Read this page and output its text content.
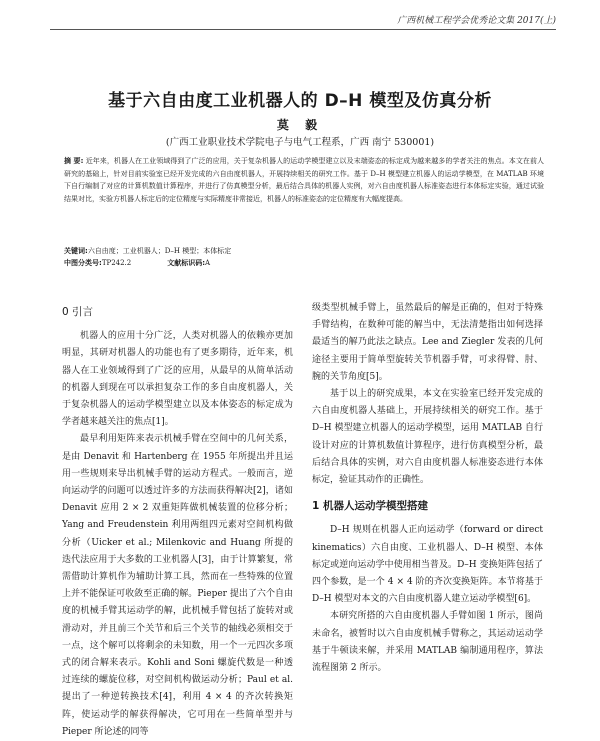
广西机械工程学会优秀论文集 2017(上)
基于六自由度工业机器人的 D–H 模型及仿真分析
莫 毅
(广西工业职业技术学院电子与电气工程系，广西 南宁 530001)

摘 要: 近年来，机器人在工业领域得到了广泛的应用，关于复杂机器人的运动学模型建立以及末端姿态的标定成为越来越多的学者关注的焦点。本文在前人研究的基础上，针对目前实验室已经开发完成的六自由度机器人，开展持续相关的研究工作。基于 D–H 模型建立机器人的运动学模型，在 MATLAB 环境下自行编制了对应的计算机数值计算程序，并进行了仿真模型分析，最后结合具体的机器人实例，对六自由度机器人标准姿态进行本体标定实验，通过试验结果对比，实验方机器人标定后的定位精度与实际精度非常接近，机器人的标准姿态的定位精度有大幅度提高。

关键词:六自由度；工业机器人；D–H 模型；本体标定
中图分类号:TP242.2	文献标识码:A
0 引言

机器人的应用十分广泛，人类对机器人的依赖亦更加明显，其研对机器人的功能也有了更多期待，近年来，机器人在工业领域得到了广泛的应用，从最早的从简单活动的机器人到现在可以承担复杂工作的多自由度机器人，关于复杂机器人的运动学模型建立以及本体姿态的标定成为学者越来越关注的焦点[1]。

最早利用矩阵来表示机械手臂在空间中的几何关系，是由 Denavit 和 Hartenberg 在 1955 年所提出并且运用一些规则来导出机械手臂的运动方程式。一般而言，逆向运动学的问题可以透过许多的方法而获得解决[2]，诸如 Denavit 应用 2 × 2 双重矩阵做机械装置的位移分析；Yang and Freudenstein 利用两组四元素对空间机构做分析（Uicker et al.; Milenkovic and Huang 所提的迭代法应用于大多数的工业机器人[3]，由于计算繁复，常需借助计算机作为辅助计算工具，然而在一些特殊的位置上并不能保证可收敛至正确的解。Pieper 提出了六个自由度的机械手臂其运动学的解，此机械手臂包括了旋转对或滑动对，并且前三个关节和后三个关节的轴线必须相交于一点，这个解可以将剩余的未知数，用一个一元四次多项式的闭合解来表示。Kohli and Soni 螺旋代数是一种透过连续的螺旋位移，对空间机构做运动分析；Paul et al. 提出了一种逆转换技术[4]，利用 4 × 4 的齐次转换矩阵，使运动学的解获得解决，它可用在一些简单型并与 Pieper 所论述的同等

级类型机械手臂上，虽然最后的解是正确的，但对于特殊手臂结构，在数种可能的解当中，无法清楚指出如何选择最适当的解乃此法之缺点。Lee and Ziegler 发表的几何途径主要用于简单型旋转关节机器手臂，可求得臂、肘、腕的关节角度[5]。

基于以上的研究成果，本文在实验室已经开发完成的六自由度机器人基础上，开展持续相关的研究工作。基于 D–H 模型建立机器人的运动学模型，运用 MATLAB 自行设计对应的计算机数值计算程序，进行仿真模型分析，最后结合具体的实例，对六自由度机器人标准姿态进行本体标定，验证其动作的正确性。

1 机器人运动学模型搭建

D–H 规则在机器人正向运动学（forward or direct kinematics）六自由度、工业机器人、D–H 模型、本体标定或逆向运动学中使用相当普及。D–H 变换矩阵包括了四个参数，是一个 4 × 4 阶的齐次变换矩阵。本节将基于 D–H 模型对本文的六自由度机器人建立运动学模型[6]。

本研究所搭的六自由度机器人手臂如图 1 所示，图尚未命名，被暂时以六自由度机械手臂称之，其运动运动学基于牛顿读来解，并采用 MATLAB 编制通用程序，算法流程图第 2 所示。
